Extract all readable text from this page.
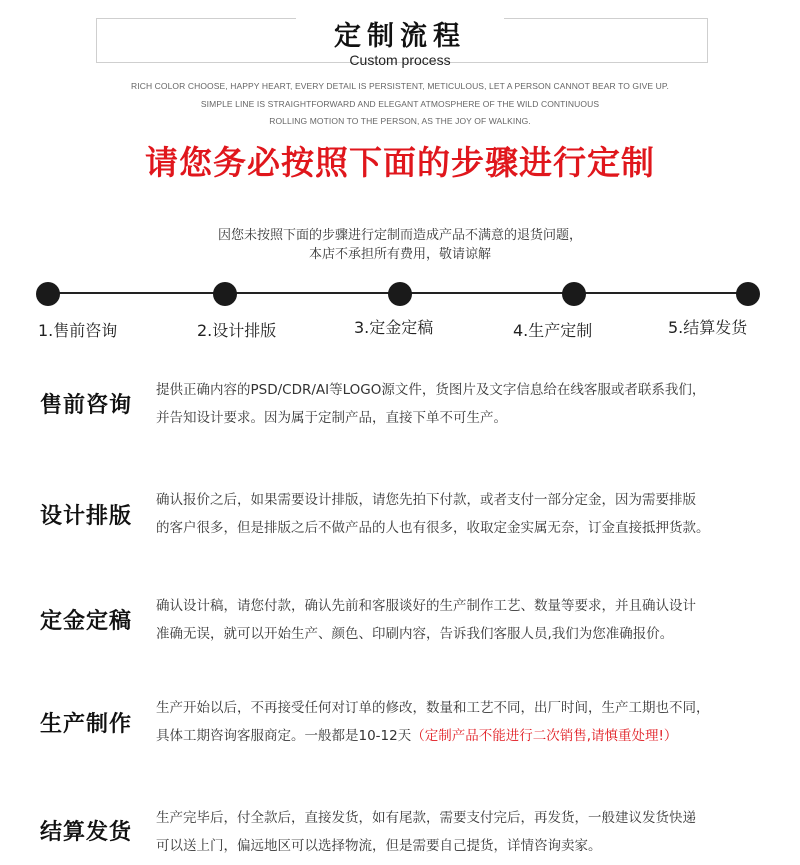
定制流程
Custom process
RICH COLOR CHOOSE, HAPPY HEART, EVERY DETAIL IS PERSISTENT, METICULOUS, LET A PERSON CANNOT BEAR TO GIVE UP.
SIMPLE LINE IS STRAIGHTFORWARD AND ELEGANT ATMOSPHERE OF THE WILD CONTINUOUS
ROLLING MOTION TO THE PERSON, AS THE JOY OF WALKING.
请您务必按照下面的步骤进行定制
因您未按照下面的步骤进行定制而造成产品不满意的退货问题，
本店不承担所有费用，敬请谅解
1.售前咨询	2.设计排版	3.定金定稿	4.生产定制	5.结算发货
售前咨询

提供正确内容的PSD/CDR/AI等LOGO源文件，货图片及文字信息给在线客服或者联系我们，

并告知设计要求。因为属于定制产品，直接下单不可生产。

设计排版

确认报价之后，如果需要设计排版，请您先拍下付款，或者支付一部分定金，因为需要排版

的客户很多，但是排版之后不做产品的人也有很多，收取定金实属无奈，订金直接抵押货款。

定金定稿

确认设计稿，请您付款，确认先前和客服谈好的生产制作工艺、数量等要求，并且确认设计

准确无误，就可以开始生产、颜色、印刷内容，告诉我们客服人员,我们为您准确报价。

生产制作

生产开始以后，不再接受任何对订单的修改，数量和工艺不同，出厂时间，生产工期也不同，

具体工期咨询客服商定。一般都是10-12天（定制产品不能进行二次销售,请慎重处理!）

结算发货

生产完毕后，付全款后，直接发货，如有尾款，需要支付完后，再发货，一般建议发货快递

可以送上门，偏远地区可以选择物流，但是需要自己提货，详情咨询卖家。
